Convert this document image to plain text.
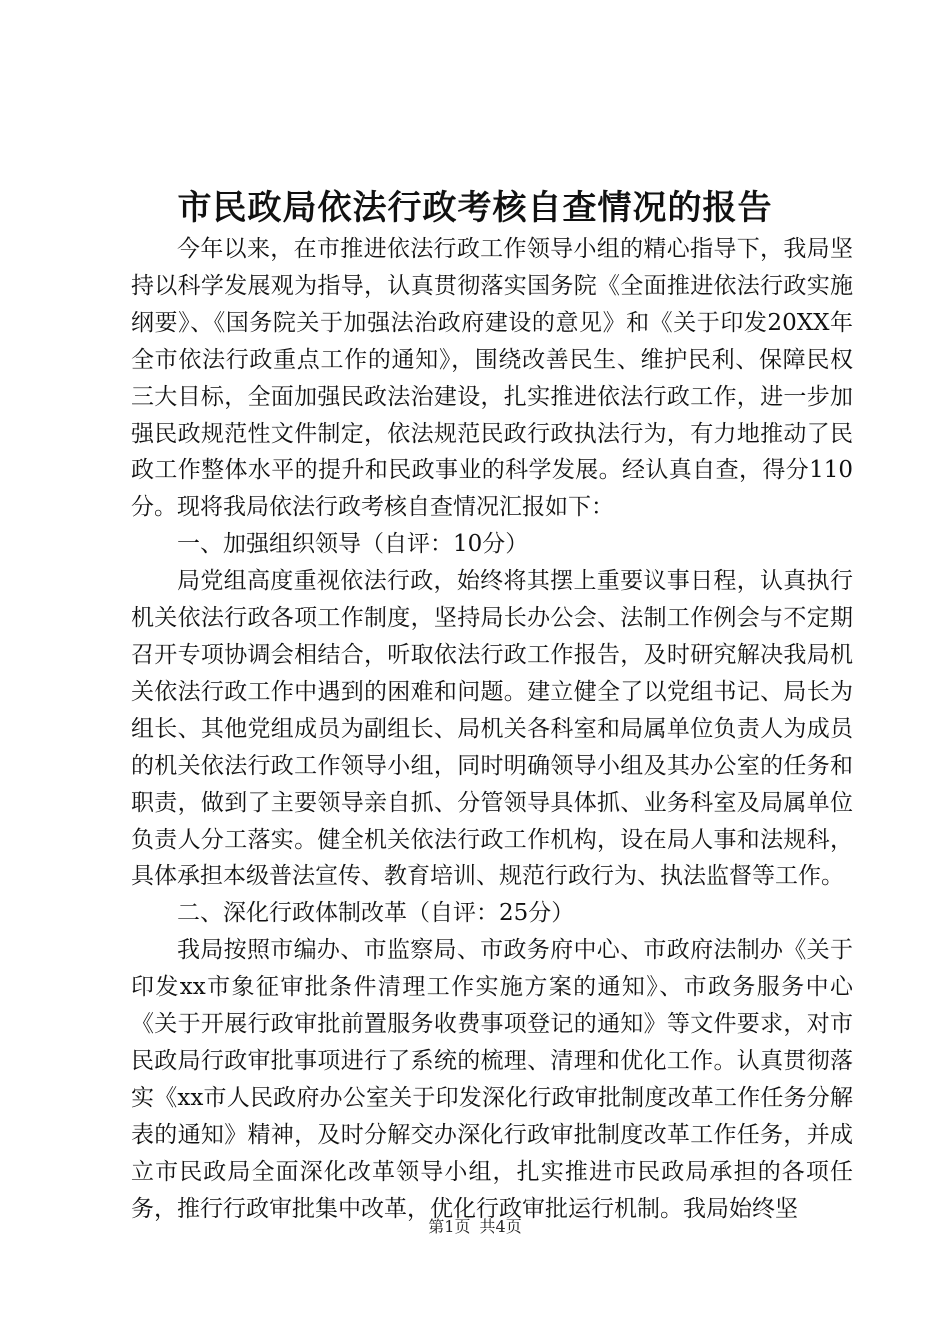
市民政局依法行政考核自查情况的报告

今年以来，在市推进依法行政工作领导小组的精心指导下，我局坚持以科学发展观为指导，认真贯彻落实国务院《全面推进依法行政实施纲要》、《国务院关于加强法治政府建设的意见》和《关于印发20XX年全市依法行政重点工作的通知》，围绕改善民生、维护民利、保障民权三大目标，全面加强民政法治建设，扎实推进依法行政工作，进一步加强民政规范性文件制定，依法规范民政行政执法行为，有力地推动了民政工作整体水平的提升和民政事业的科学发展。经认真自查，得分110分。现将我局依法行政考核自查情况汇报如下：

一、加强组织领导（自评：10分）

局党组高度重视依法行政，始终将其摆上重要议事日程，认真执行机关依法行政各项工作制度，坚持局长办公会、法制工作例会与不定期召开专项协调会相结合，听取依法行政工作报告，及时研究解决我局机关依法行政工作中遇到的困难和问题。建立健全了以党组书记、局长为组长、其他党组成员为副组长、局机关各科室和局属单位负责人为成员的机关依法行政工作领导小组，同时明确领导小组及其办公室的任务和职责，做到了主要领导亲自抓、分管领导具体抓、业务科室及局属单位负责人分工落实。健全机关依法行政工作机构，设在局人事和法规科，具体承担本级普法宣传、教育培训、规范行政行为、执法监督等工作。

二、深化行政体制改革（自评：25分）

我局按照市编办、市监察局、市政务府中心、市政府法制办《关于印发xx市象征审批条件清理工作实施方案的通知》、市政务服务中心《关于开展行政审批前置服务收费事项登记的通知》等文件要求，对市民政局行政审批事项进行了系统的梳理、清理和优化工作。认真贯彻落实《xx市人民政府办公室关于印发深化行政审批制度改革工作任务分解表的通知》精神，及时分解交办深化行政审批制度改革工作任务，并成立市民政局全面深化改革领导小组，扎实推进市民政局承担的各项任务，推行行政审批集中改革，优化行政审批运行机制。我局始终坚

第1页 共4页
